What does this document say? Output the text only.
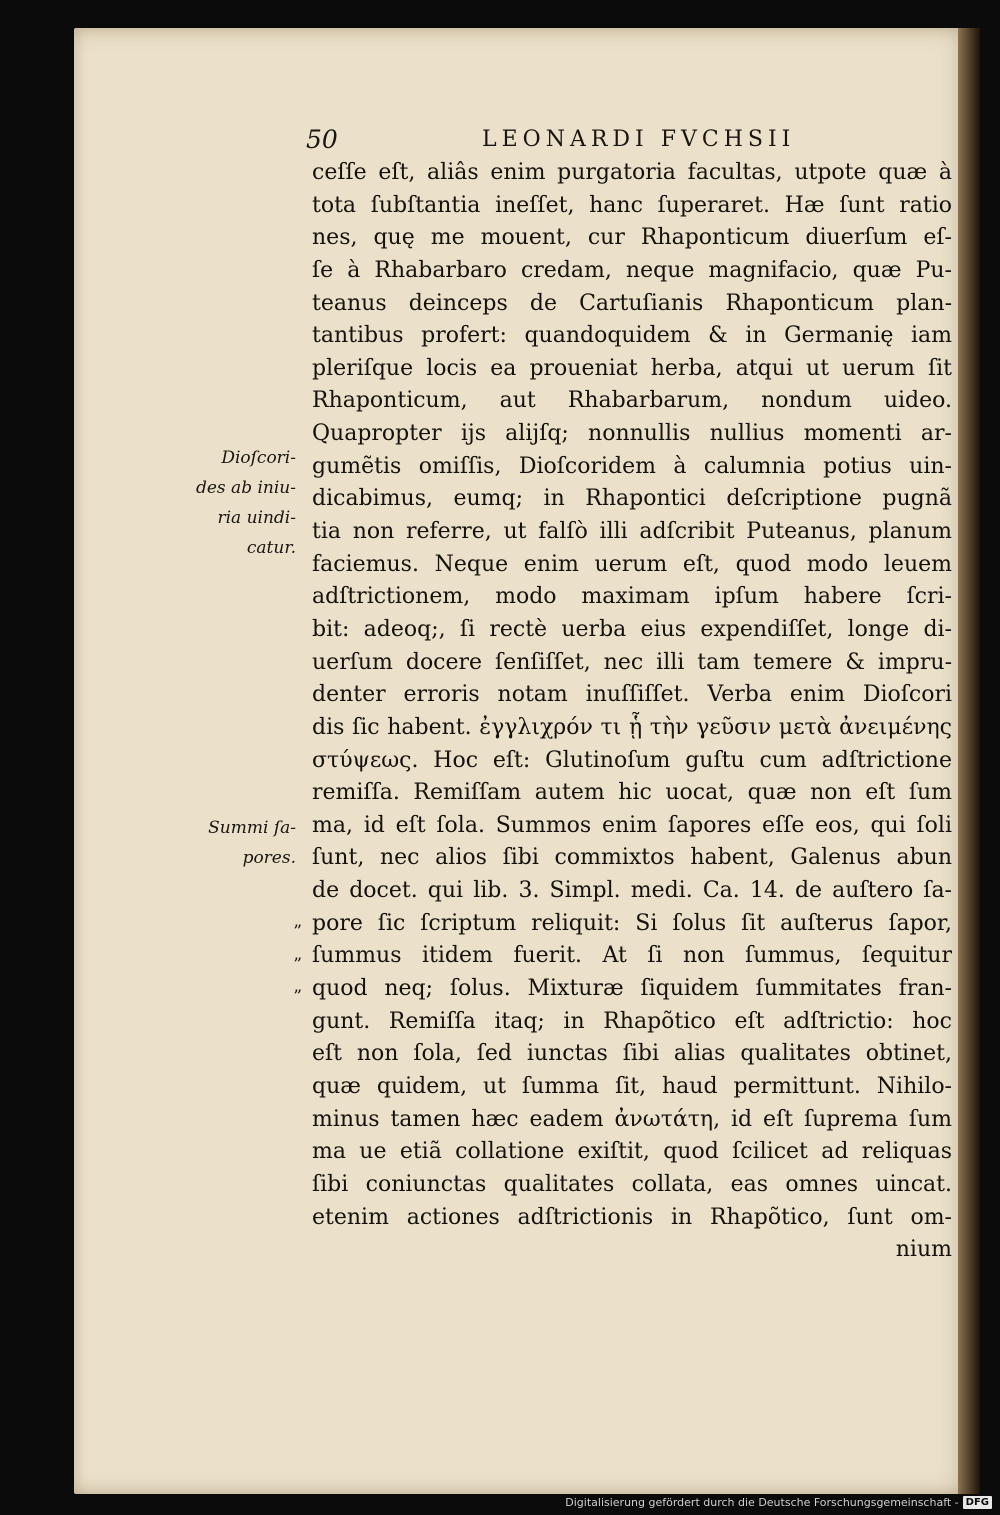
50	LEONARDI FVCHSII
Dioſcori-
des ab iniu-
ria uindi-
catur.
Summi ſa-
pores.
”
”
”
ceſſe eſt, aliâs enim purgatoria facultas, utpote quæ à
tota ſubſtantia ineſſet, hanc ſuperaret. Hæ ſunt ratio
nes, quę me mouent, cur Rhaponticum diuerſum eſ-
ſe à Rhabarbaro credam, neque magnifacio, quæ Pu-
teanus deinceps de Cartuſianis Rhaponticum plan-
tantibus profert: quandoquidem & in Germanię iam
pleriſque locis ea proueniat herba, atqui ut uerum ſit
Rhaponticum, aut Rhabarbarum, nondum uideo.
Quapropter ijs alijſq; nonnullis nullius momenti ar-
gumẽtis omiſſis, Dioſcoridem à calumnia potius uin-
dicabimus, eumq; in Rhapontici deſcriptione pugnã
tia non referre, ut falſò illi adſcribit Puteanus, planum
faciemus. Neque enim uerum eſt, quod modo leuem
adſtrictionem, modo maximam ipſum habere ſcri-
bit: adeoq;, ſi rectè uerba eius expendiſſet, longe di-
uerſum docere ſenſiſſet, nec illi tam temere & impru-
denter erroris notam inuſſiſſet. Verba enim Dioſcori
dis ſic habent. ἐγγλιχρόν τι ᾗ τὴν γεῦσιν μετὰ ἀνειμένης
στύψεως. Hoc eſt: Glutinoſum guſtu cum adſtrictione
remiſſa. Remiſſam autem hic uocat, quæ non eſt ſum
ma, id eſt ſola. Summos enim ſapores eſſe eos, qui ſoli
ſunt, nec alios ſibi commixtos habent, Galenus abun
de docet. qui lib. 3. Simpl. medi. Ca. 14. de auſtero ſa-
pore ſic ſcriptum reliquit: Si ſolus ſit auſterus ſapor,
ſummus itidem fuerit. At ſi non ſummus, ſequitur
quod neq; ſolus. Mixturæ ſiquidem ſummitates fran-
gunt. Remiſſa itaq; in Rhapõtico eſt adſtrictio: hoc
eſt non ſola, ſed iunctas ſibi alias qualitates obtinet,
quæ quidem, ut ſumma ſit, haud permittunt. Nihilo-
minus tamen hæc eadem ἀνωτάτη, id eſt ſuprema ſum
ma ue etiã collatione exiſtit, quod ſcilicet ad reliquas
ſibi coniunctas qualitates collata, eas omnes uincat.
etenim actiones adſtrictionis in Rhapõtico, ſunt om-
nium
Digitalisierung gefördert durch die Deutsche Forschungsgemeinschaft - DFG
